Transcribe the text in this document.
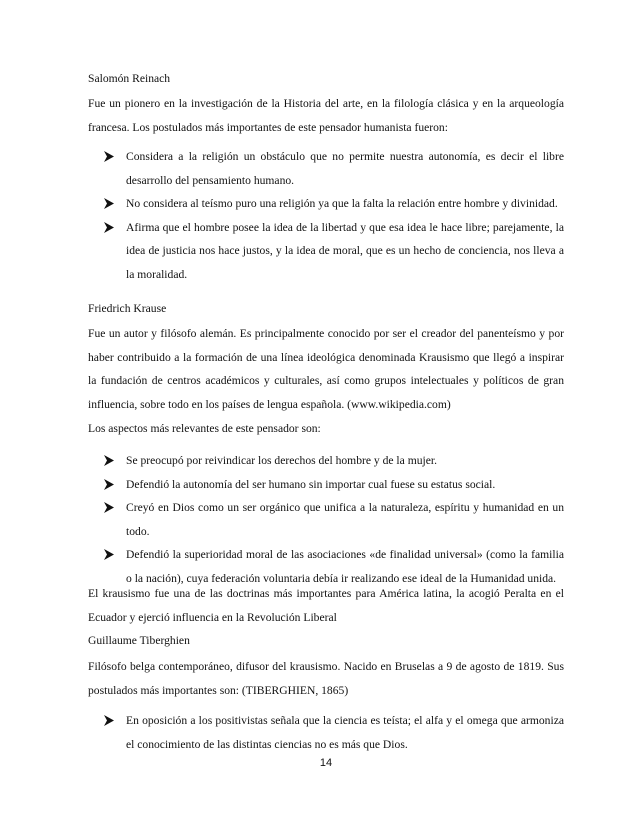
Salomón Reinach

Fue un pionero en la investigación de la Historia del arte, en la filología clásica y en la arqueología francesa. Los postulados más importantes de este pensador humanista fueron:

Considera a la religión un obstáculo que no permite nuestra autonomía, es decir el libre desarrollo del pensamiento humano.
No considera al teísmo puro una religión ya que la falta la relación entre hombre y divinidad.
Afirma que el hombre posee la idea de la libertad y que esa idea le hace libre; parejamente, la idea de justicia nos hace justos, y la idea de moral, que es un hecho de conciencia, nos lleva a la moralidad.
Friedrich Krause

Fue un autor y filósofo alemán. Es principalmente conocido por ser el creador del panenteísmo y por haber contribuido a la formación de una línea ideológica denominada Krausismo que llegó a inspirar la fundación de centros académicos y culturales, así como grupos intelectuales y políticos de gran influencia, sobre todo en los países de lengua española. (www.wikipedia.com)

Los aspectos más relevantes de este pensador son:

Se preocupó por reivindicar los derechos del hombre y de la mujer.
Defendió la autonomía del ser humano sin importar cual fuese su estatus social.
Creyó en Dios como un ser orgánico que unifica a la naturaleza, espíritu y humanidad en un todo.
Defendió la superioridad moral de las asociaciones «de finalidad universal» (como la familia o la nación), cuya federación voluntaria debía ir realizando ese ideal de la Humanidad unida.

El krausismo fue una de las doctrinas más importantes para América latina, la acogió Peralta en el Ecuador y ejerció influencia en la Revolución Liberal

Guillaume Tiberghien

Filósofo belga contemporáneo, difusor del krausismo. Nacido en Bruselas a 9 de agosto de 1819. Sus postulados más importantes son: (TIBERGHIEN, 1865)

En oposición a los positivistas señala que la ciencia es teísta; el alfa y el omega que armoniza el conocimiento de las distintas ciencias no es más que Dios.
14
